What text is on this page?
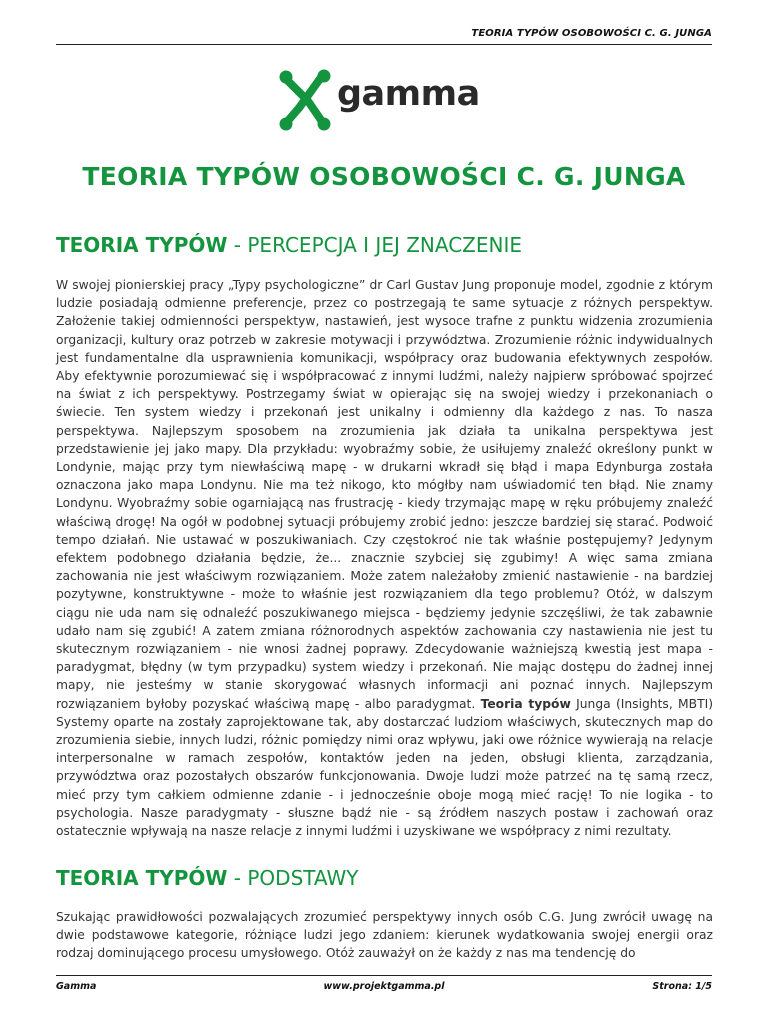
TEORIA TYPÓW OSOBOWOŚCI C. G. JUNGA
gamma
TEORIA TYPÓW OSOBOWOŚCI C. G. JUNGA
TEORIA TYPÓW - PERCEPCJA I JEJ ZNACZENIE
W swojej pionierskiej pracy „Typy psychologiczne” dr Carl Gustav Jung proponuje model, zgodnie z którym ludzie posiadają odmienne preferencje, przez co postrzegają te same sytuacje z różnych perspektyw. Założenie takiej odmienności perspektyw, nastawień, jest wysoce trafne z punktu widzenia zrozumienia organizacji, kultury oraz potrzeb w zakresie motywacji i przywództwa. Zrozumienie różnic indywidualnych jest fundamentalne dla usprawnienia komunikacji, współpracy oraz budowania efektywnych zespołów. Aby efektywnie porozumiewać się i współpracować z innymi ludźmi, należy najpierw spróbować spojrzeć na świat z ich perspektywy. Postrzegamy świat w opierając się na swojej wiedzy i przekonaniach o świecie. Ten system wiedzy i przekonań jest unikalny i odmienny dla każdego z nas. To nasza perspektywa. Najlepszym sposobem na zrozumienia jak działa ta unikalna perspektywa jest przedstawienie jej jako mapy. Dla przykładu: wyobraźmy sobie, że usiłujemy znaleźć określony punkt w Londynie, mając przy tym niewłaściwą mapę - w drukarni wkradł się błąd i mapa Edynburga została oznaczona jako mapa Londynu. Nie ma też nikogo, kto mógłby nam uświadomić ten błąd. Nie znamy Londynu. Wyobraźmy sobie ogarniającą nas frustrację - kiedy trzymając mapę w ręku próbujemy znaleźć właściwą drogę! Na ogół w podobnej sytuacji próbujemy zrobić jedno: jeszcze bardziej się starać. Podwoić tempo działań. Nie ustawać w poszukiwaniach. Czy częstokroć nie tak właśnie postępujemy? Jedynym efektem podobnego działania będzie, że... znacznie szybciej się zgubimy! A więc sama zmiana zachowania nie jest właściwym rozwiązaniem. Może zatem należałoby zmienić nastawienie - na bardziej pozytywne, konstruktywne - może to właśnie jest rozwiązaniem dla tego problemu? Otóż, w dalszym ciągu nie uda nam się odnaleźć poszukiwanego miejsca - będziemy jedynie szczęśliwi, że tak zabawnie udało nam się zgubić! A zatem zmiana różnorodnych aspektów zachowania czy nastawienia nie jest tu skutecznym rozwiązaniem - nie wnosi żadnej poprawy. Zdecydowanie ważniejszą kwestią jest mapa - paradygmat, błędny (w tym przypadku) system wiedzy i przekonań. Nie mając dostępu do żadnej innej mapy, nie jesteśmy w stanie skorygować własnych informacji ani poznać innych. Najlepszym rozwiązaniem byłoby pozyskać właściwą mapę - albo paradygmat. Teoria typów Junga (Insights, MBTI) Systemy oparte na zostały zaprojektowane tak, aby dostarczać ludziom właściwych, skutecznych map do zrozumienia siebie, innych ludzi, różnic pomiędzy nimi oraz wpływu, jaki owe różnice wywierają na relacje interpersonalne w ramach zespołów, kontaktów jeden na jeden, obsługi klienta, zarządzania, przywództwa oraz pozostałych obszarów funkcjonowania. Dwoje ludzi może patrzeć na tę samą rzecz, mieć przy tym całkiem odmienne zdanie - i jednocześnie oboje mogą mieć rację! To nie logika - to psychologia. Nasze paradygmaty - słuszne bądź nie - są źródłem naszych postaw i zachowań oraz ostatecznie wpływają na nasze relacje z innymi ludźmi i uzyskiwane we współpracy z nimi rezultaty.
TEORIA TYPÓW - PODSTAWY
Szukając prawidłowości pozwalających zrozumieć perspektywy innych osób C.G. Jung zwrócił uwagę na dwie podstawowe kategorie, różniące ludzi jego zdaniem: kierunek wydatkowania swojej energii oraz rodzaj dominującego procesu umysłowego. Otóż zauważył on że każdy z nas ma tendencję do
Gamma	www.projektgamma.pl	Strona: 1/5
